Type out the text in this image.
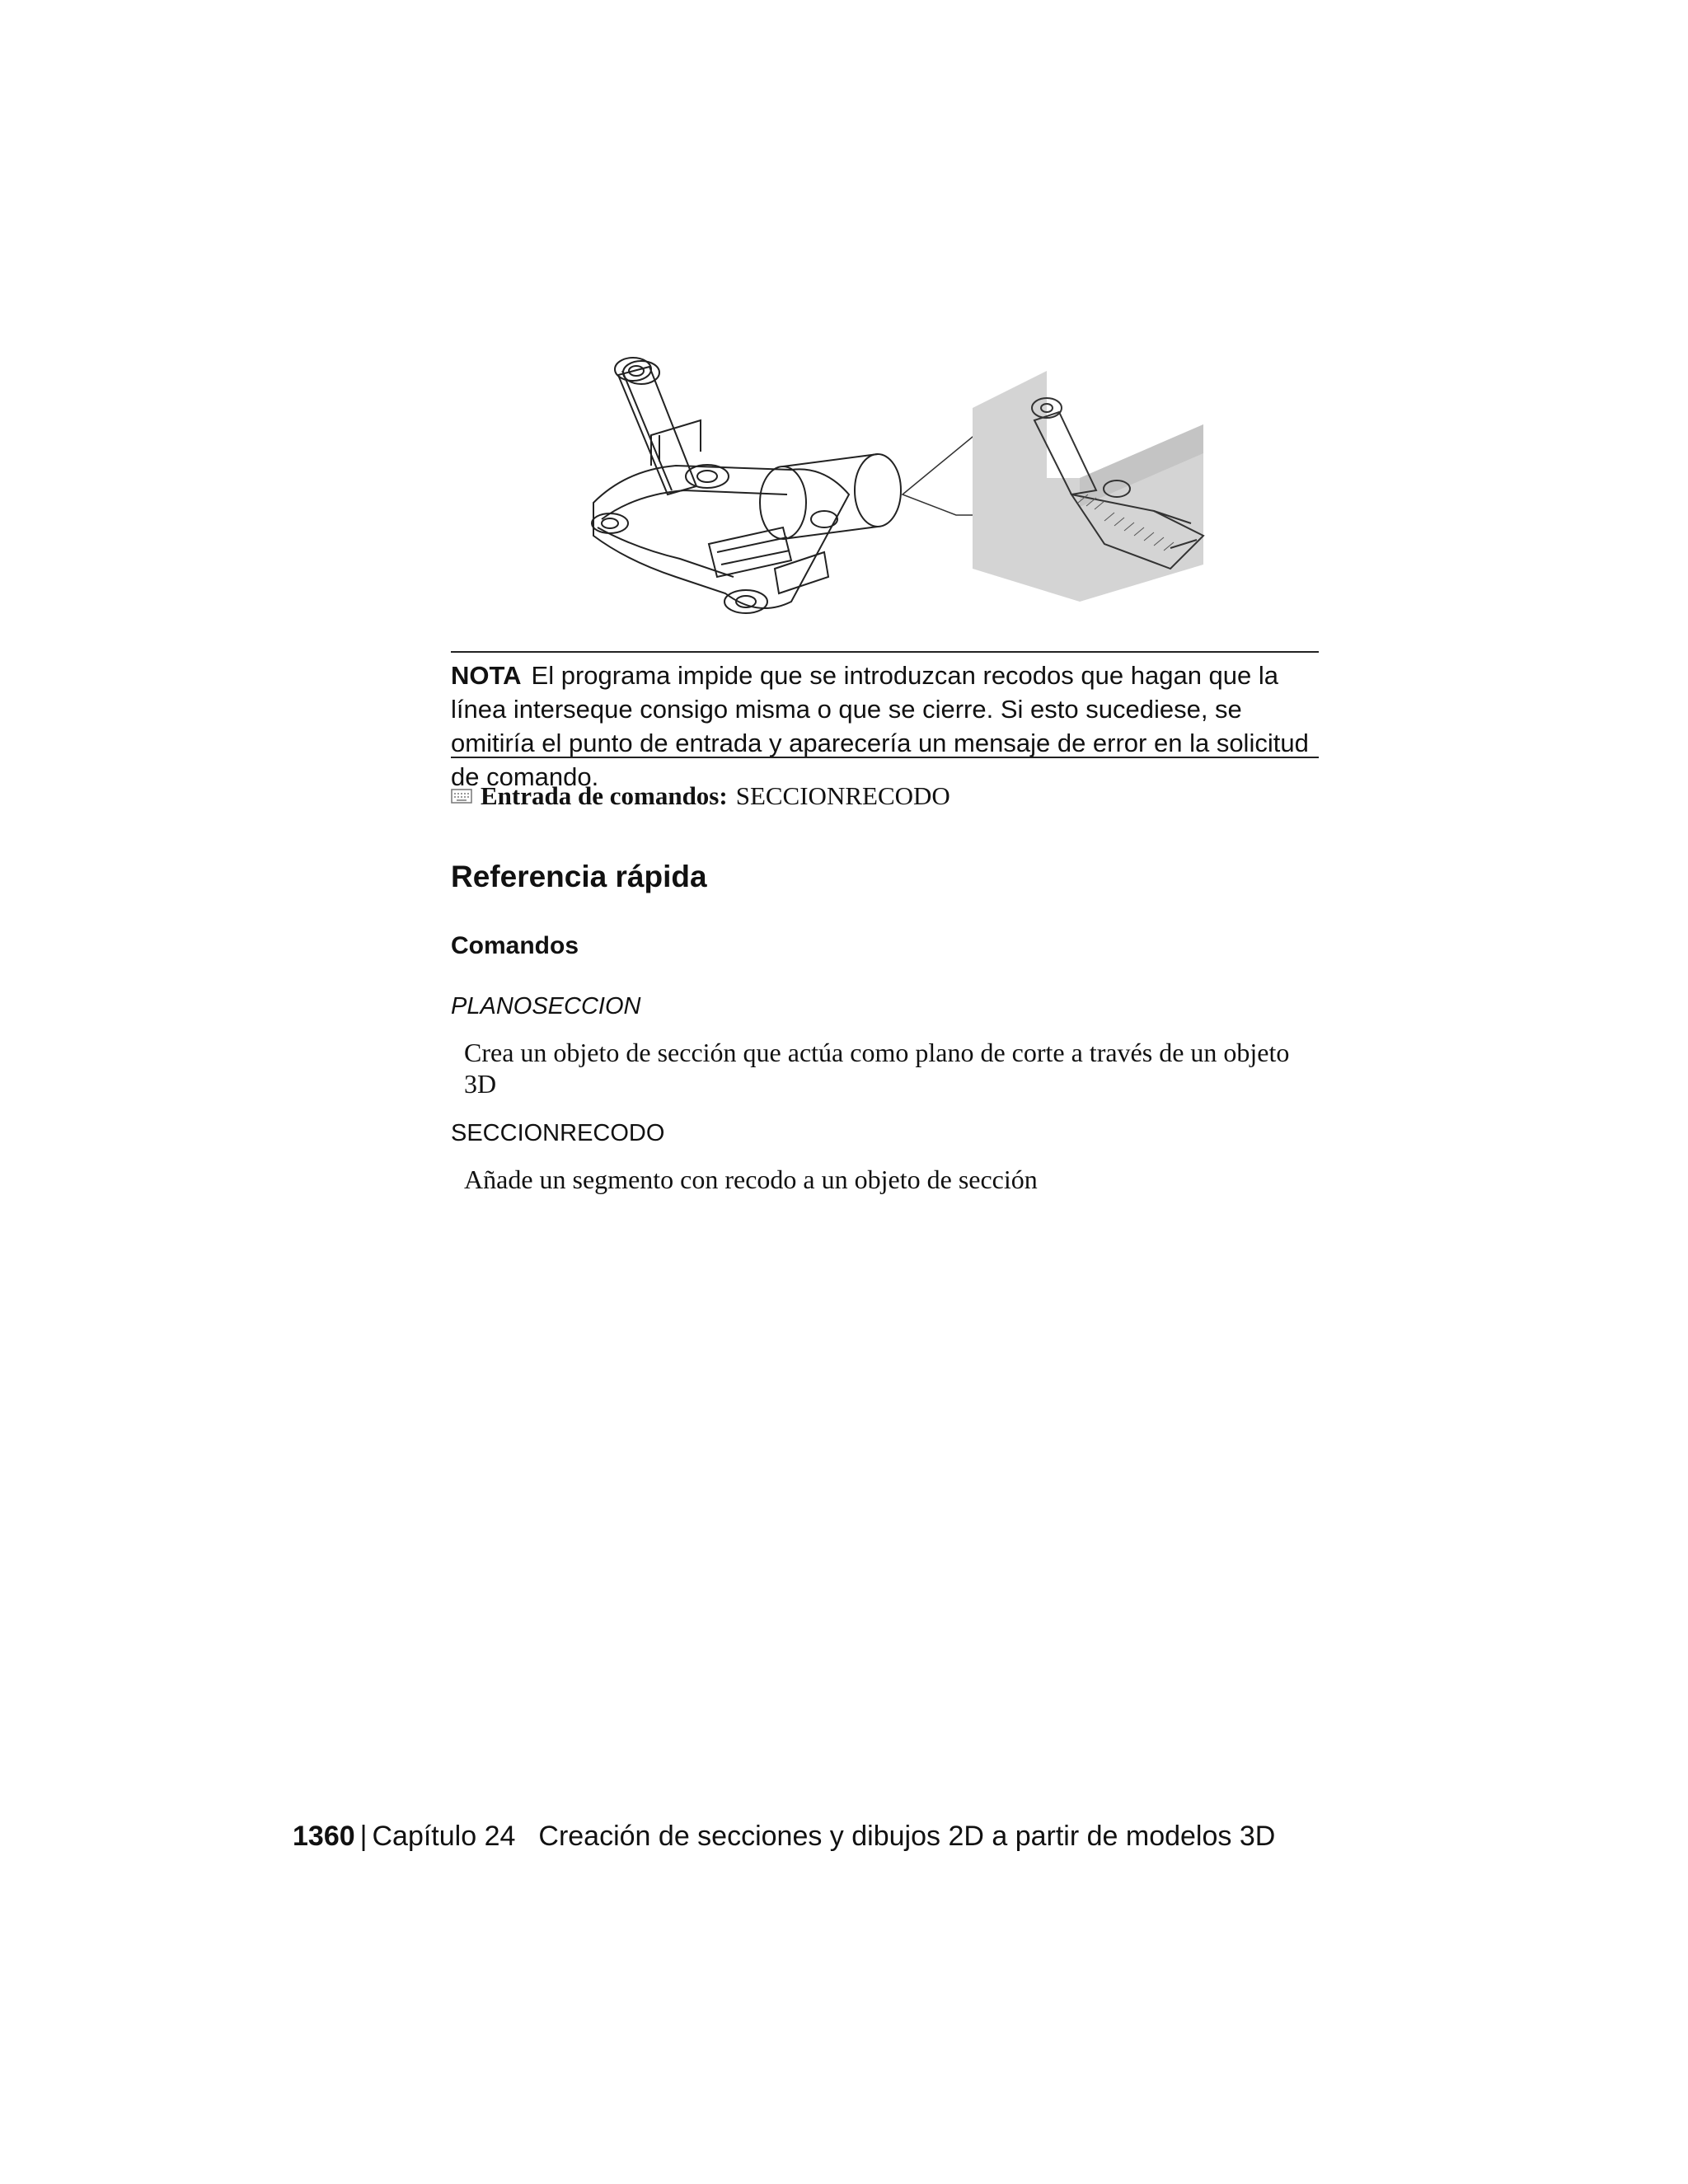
NOTA El programa impide que se introduzcan recodos que hagan que la línea interseque consigo misma o que se cierre. Si esto sucediese, se omitiría el punto de entrada y aparecería un mensaje de error en la solicitud de comando.
Entrada de comandos: SECCIONRECODO
Referencia rápida
Comandos
PLANOSECCION
Crea un objeto de sección que actúa como plano de corte a través de un objeto 3D
SECCIONRECODO
Añade un segmento con recodo a un objeto de sección
1360 | Capítulo 24 Creación de secciones y dibujos 2D a partir de modelos 3D
